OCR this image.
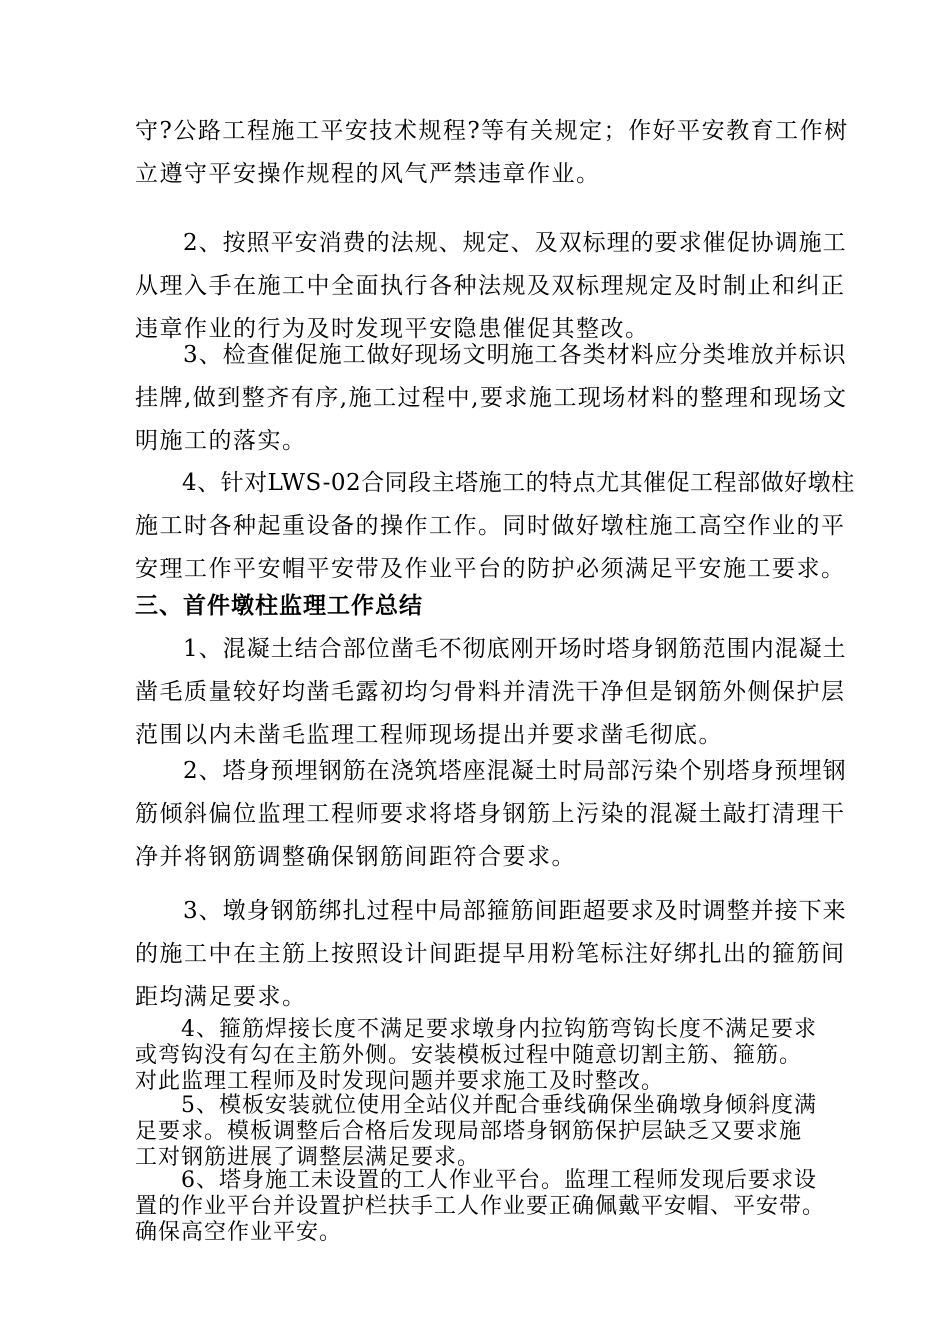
守?公路工程施工平安技术规程?等有关规定；作好平安教育工作树
立遵守平安操作规程的风气严禁违章作业。
　　2、按照平安消费的法规、规定、及双标理的要求催促协调施工
从理入手在施工中全面执行各种法规及双标理规定及时制止和纠正
违章作业的行为及时发现平安隐患催促其整改。
　　3、检查催促施工做好现场文明施工各类材料应分类堆放并标识
挂牌,做到整齐有序,施工过程中,要求施工现场材料的整理和现场文
明施工的落实。
　　4、针对LWS-02合同段主塔施工的特点尤其催促工程部做好墩柱
施工时各种起重设备的操作工作。同时做好墩柱施工高空作业的平
安理工作平安帽平安带及作业平台的防护必须满足平安施工要求。
三、首件墩柱监理工作总结
　　1、混凝土结合部位凿毛不彻底刚开场时塔身钢筋范围内混凝土
凿毛质量较好均凿毛露初均匀骨料并清洗干净但是钢筋外侧保护层
范围以内未凿毛监理工程师现场提出并要求凿毛彻底。
　　2、塔身预埋钢筋在浇筑塔座混凝土时局部污染个别塔身预埋钢
筋倾斜偏位监理工程师要求将塔身钢筋上污染的混凝土敲打清理干
净并将钢筋调整确保钢筋间距符合要求。
　　3、墩身钢筋绑扎过程中局部箍筋间距超要求及时调整并接下来
的施工中在主筋上按照设计间距提早用粉笔标注好绑扎出的箍筋间
距均满足要求。
　　4、箍筋焊接长度不满足要求墩身内拉钩筋弯钩长度不满足要求
或弯钩没有勾在主筋外侧。安装模板过程中随意切割主筋、箍筋。
对此监理工程师及时发现问题并要求施工及时整改。
　　5、模板安装就位使用全站仪并配合垂线确保坐确墩身倾斜度满
足要求。模板调整后合格后发现局部塔身钢筋保护层缺乏又要求施
工对钢筋进展了调整层满足要求。
　　6、塔身施工未设置的工人作业平台。监理工程师发现后要求设
置的作业平台并设置护栏扶手工人作业要正确佩戴平安帽、平安带。
确保高空作业平安。
